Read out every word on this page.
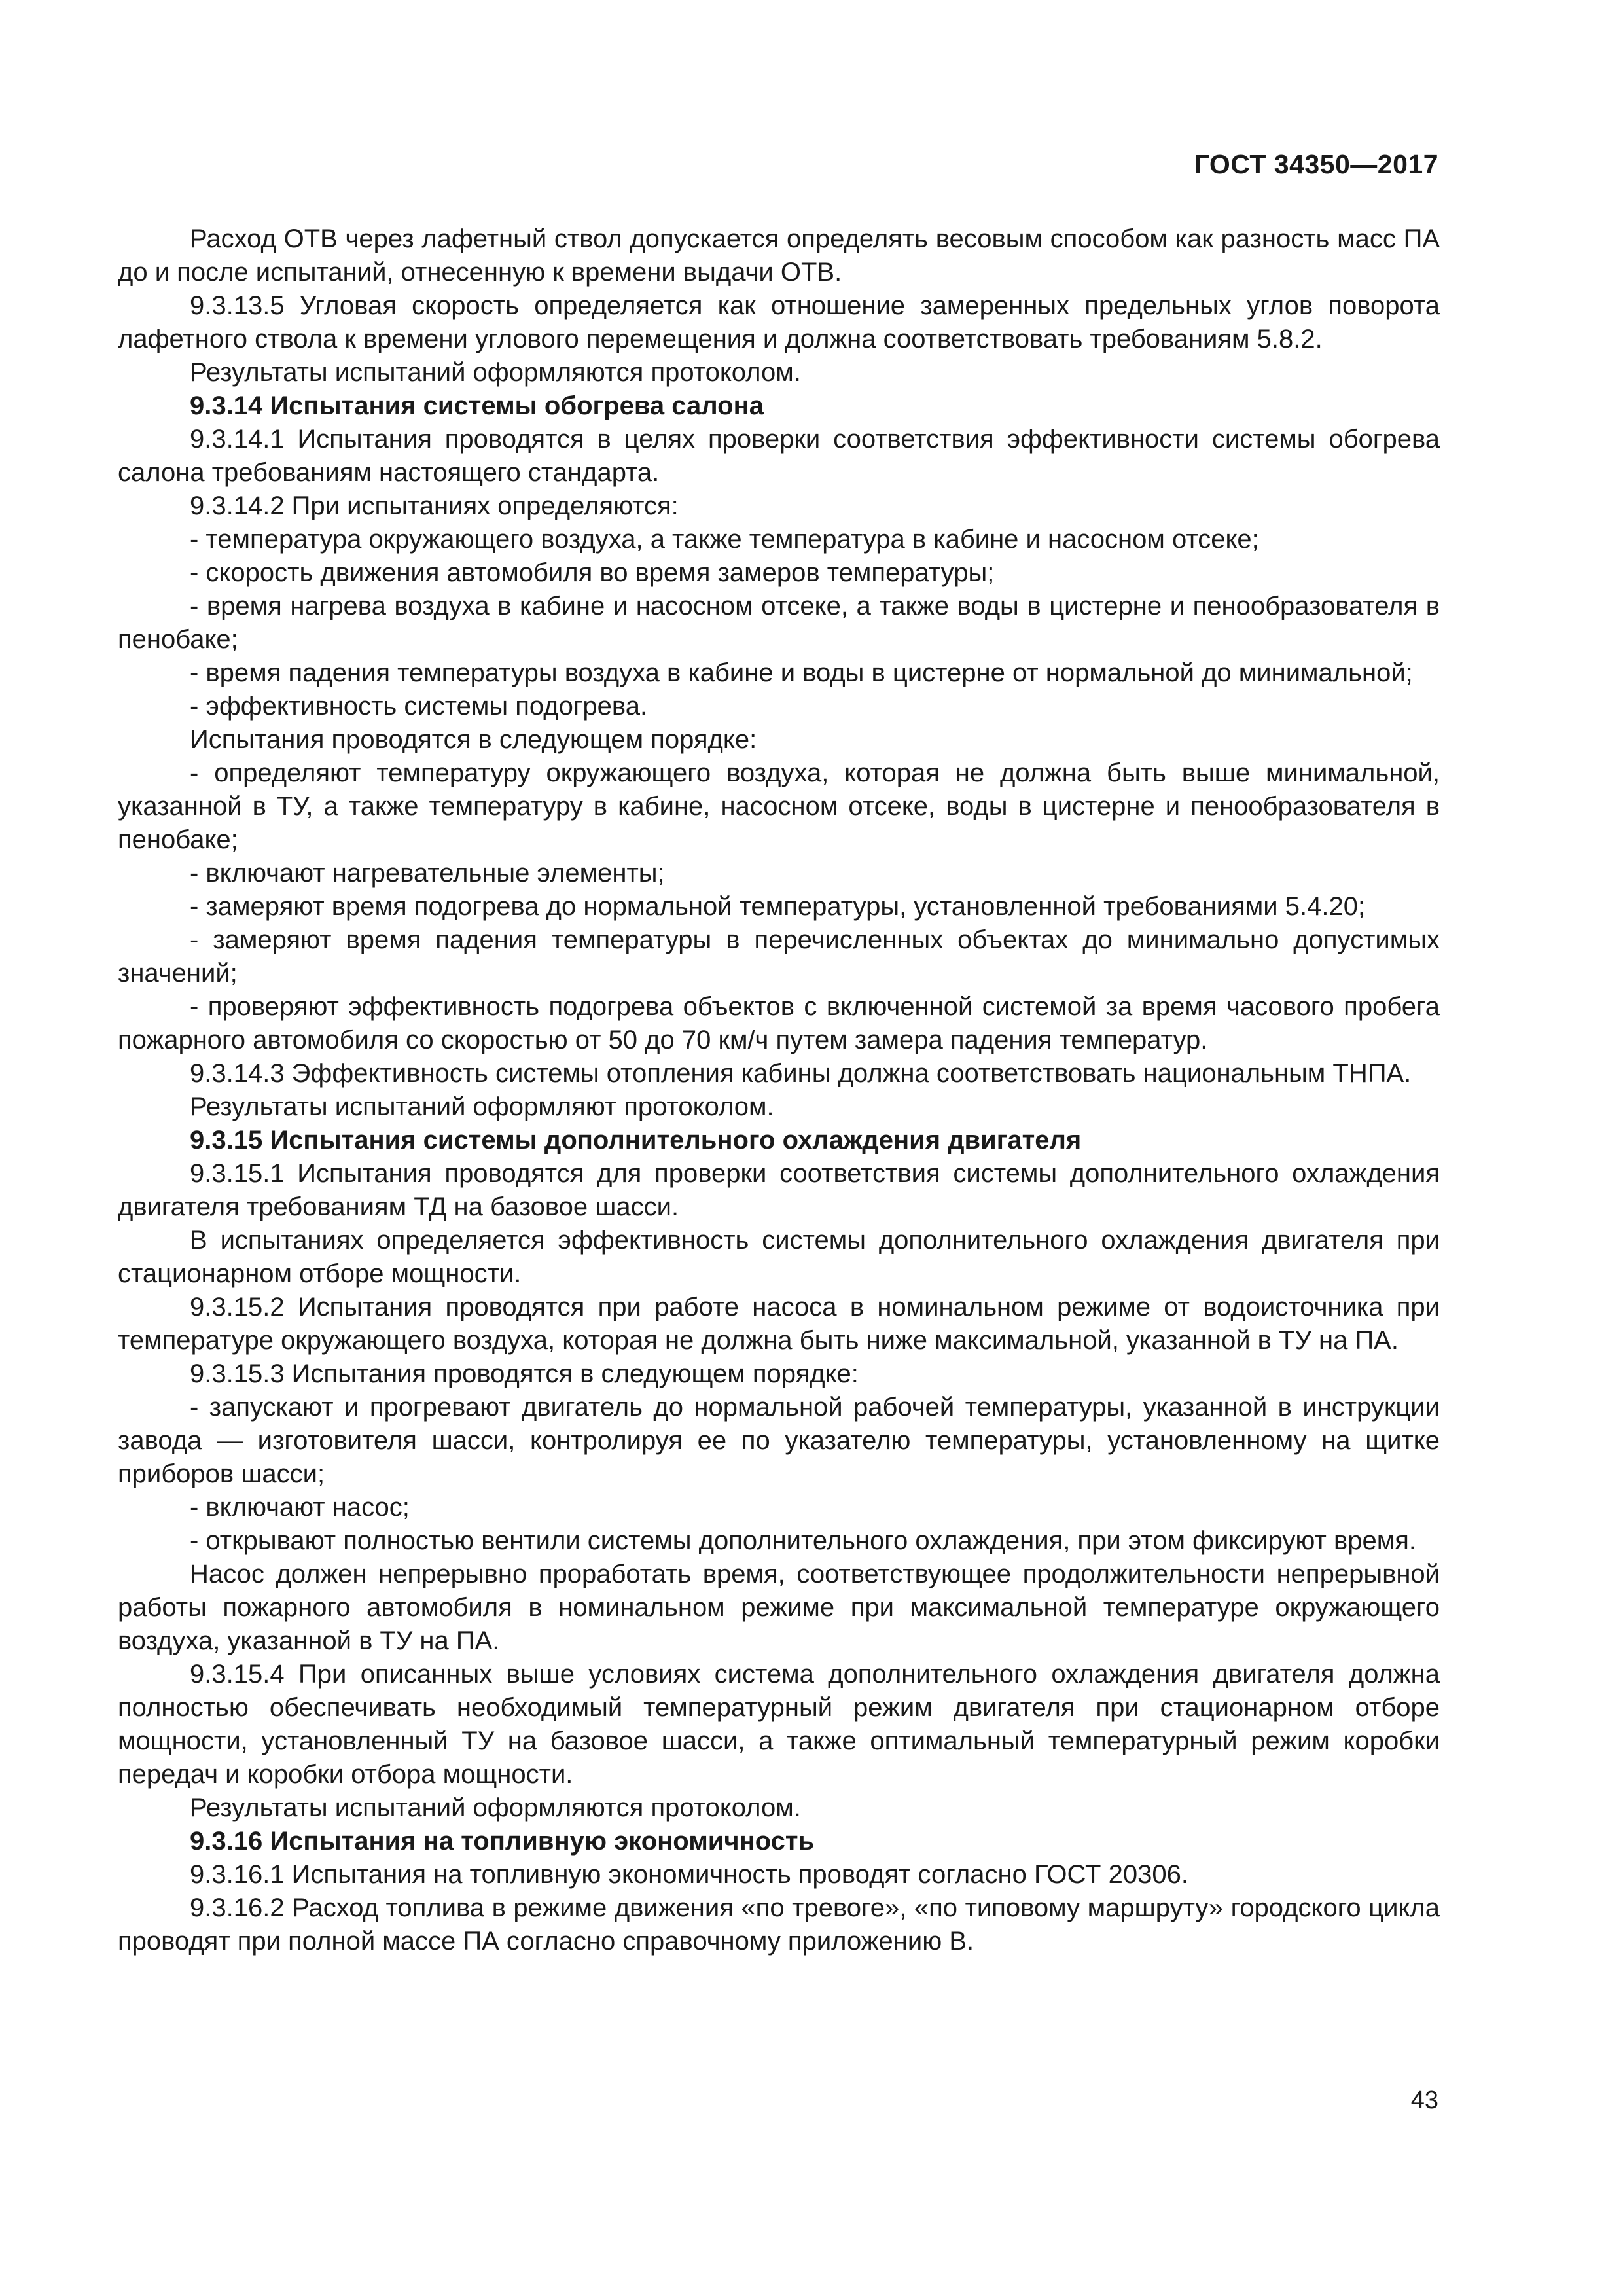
ГОСТ 34350—2017

Расход ОТВ через лафетный ствол допускается определять весовым способом как разность масс ПА до и после испытаний, отнесенную к времени выдачи ОТВ.

9.3.13.5 Угловая скорость определяется как отношение замеренных предельных углов поворота лафетного ствола к времени углового перемещения и должна соответствовать требованиям 5.8.2.

Результаты испытаний оформляются протоколом.

9.3.14 Испытания системы обогрева салона

9.3.14.1 Испытания проводятся в целях проверки соответствия эффективности системы обогрева салона требованиям настоящего стандарта.

9.3.14.2 При испытаниях определяются:

- температура окружающего воздуха, а также температура в кабине и насосном отсеке;

- скорость движения автомобиля во время замеров температуры;

- время нагрева воздуха в кабине и насосном отсеке, а также воды в цистерне и пенообразователя в пенобаке;

- время падения температуры воздуха в кабине и воды в цистерне от нормальной до минимальной;

- эффективность системы подогрева.

Испытания проводятся в следующем порядке:

- определяют температуру окружающего воздуха, которая не должна быть выше минимальной, указанной в ТУ, а также температуру в кабине, насосном отсеке, воды в цистерне и пенообразователя в пенобаке;

- включают нагревательные элементы;

- замеряют время подогрева до нормальной температуры, установленной требованиями 5.4.20;

- замеряют время падения температуры в перечисленных объектах до минимально допустимых значений;

- проверяют эффективность подогрева объектов с включенной системой за время часового пробега пожарного автомобиля со скоростью от 50 до 70 км/ч путем замера падения температур.

9.3.14.3 Эффективность системы отопления кабины должна соответствовать национальным ТНПА.

Результаты испытаний оформляют протоколом.

9.3.15 Испытания системы дополнительного охлаждения двигателя

9.3.15.1 Испытания проводятся для проверки соответствия системы дополнительного охлаждения двигателя требованиям ТД на базовое шасси.

В испытаниях определяется эффективность системы дополнительного охлаждения двигателя при стационарном отборе мощности.

9.3.15.2 Испытания проводятся при работе насоса в номинальном режиме от водоисточника при температуре окружающего воздуха, которая не должна быть ниже максимальной, указанной в ТУ на ПА.

9.3.15.3 Испытания проводятся в следующем порядке:

- запускают и прогревают двигатель до нормальной рабочей температуры, указанной в инструкции завода — изготовителя шасси, контролируя ее по указателю температуры, установленному на щитке приборов шасси;

- включают насос;

- открывают полностью вентили системы дополнительного охлаждения, при этом фиксируют время.

Насос должен непрерывно проработать время, соответствующее продолжительности непрерывной работы пожарного автомобиля в номинальном режиме при максимальной температуре окружающего воздуха, указанной в ТУ на ПА.

9.3.15.4 При описанных выше условиях система дополнительного охлаждения двигателя должна полностью обеспечивать необходимый температурный режим двигателя при стационарном отборе мощности, установленный ТУ на базовое шасси, а также оптимальный температурный режим коробки передач и коробки отбора мощности.

Результаты испытаний оформляются протоколом.

9.3.16 Испытания на топливную экономичность

9.3.16.1 Испытания на топливную экономичность проводят согласно ГОСТ 20306.

9.3.16.2 Расход топлива в режиме движения «по тревоге», «по типовому маршруту» городского цикла проводят при полной массе ПА согласно справочному приложению В.

43
